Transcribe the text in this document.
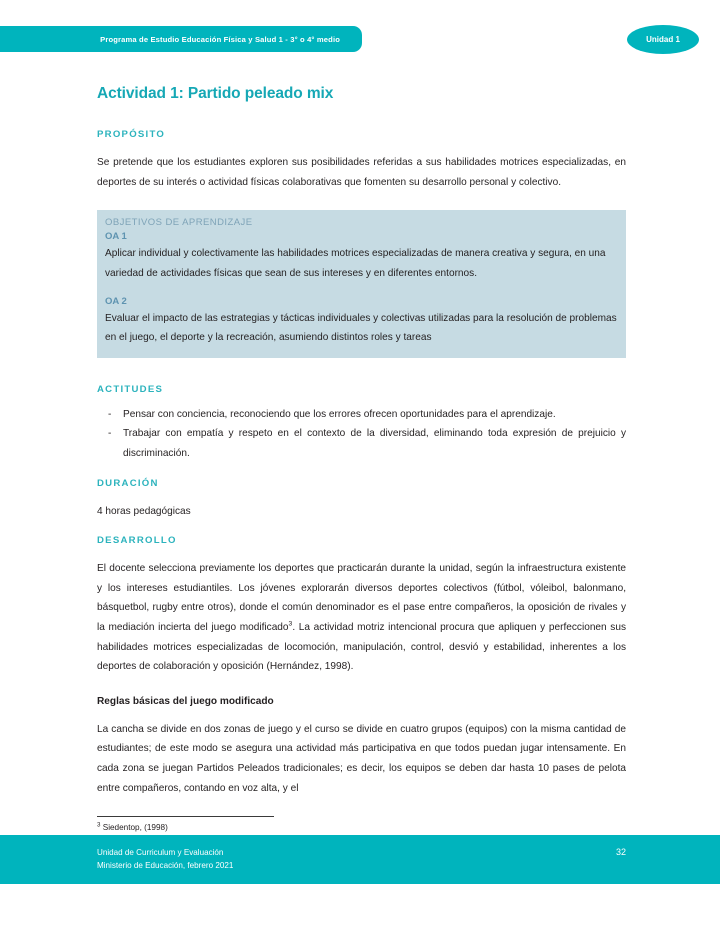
Programa de Estudio Educación Física y Salud 1 - 3° o 4° medio	Unidad 1
Actividad 1: Partido peleado mix
PROPÓSITO

Se pretende que los estudiantes exploren sus posibilidades referidas a sus habilidades motrices especializadas, en deportes de su interés o actividad físicas colaborativas que fomenten su desarrollo personal y colectivo.

OBJETIVOS DE APRENDIZAJE
OA 1

Aplicar individual y colectivamente las habilidades motrices especializadas de manera creativa y segura, en una variedad de actividades físicas que sean de sus intereses y en diferentes entornos.

OA 2

Evaluar el impacto de las estrategias y tácticas individuales y colectivas utilizadas para la resolución de problemas en el juego, el deporte y la recreación, asumiendo distintos roles y tareas

ACTITUDES
- Pensar con conciencia, reconociendo que los errores ofrecen oportunidades para el aprendizaje.
- Trabajar con empatía y respeto en el contexto de la diversidad, eliminando toda expresión de prejuicio y discriminación.
DURACIÓN

4 horas pedagógicas

DESARROLLO

El docente selecciona previamente los deportes que practicarán durante la unidad, según la infraestructura existente y los intereses estudiantiles. Los jóvenes explorarán diversos deportes colectivos (fútbol, vóleibol, balonmano, básquetbol, rugby entre otros), donde el común denominador es el pase entre compañeros, la oposición de rivales y la mediación incierta del juego modificado$^3$. La actividad motriz intencional procura que apliquen y perfeccionen sus habilidades motrices especializadas de locomoción, manipulación, control, desvió y estabilidad, inherentes a los deportes de colaboración y oposición (Hernández, 1998).

Reglas básicas del juego modificado

La cancha se divide en dos zonas de juego y el curso se divide en cuatro grupos (equipos) con la misma cantidad de estudiantes; de este modo se asegura una actividad más participativa en que todos puedan jugar intensamente. En cada zona se juegan Partidos Peleados tradicionales; es decir, los equipos se deben dar hasta 10 pases de pelota entre compañeros, contando en voz alta, y el

$^3$ Siedentop, (1998)

Unidad de Curriculum y Evaluación
Ministerio de Educación, febrero 2021
32
